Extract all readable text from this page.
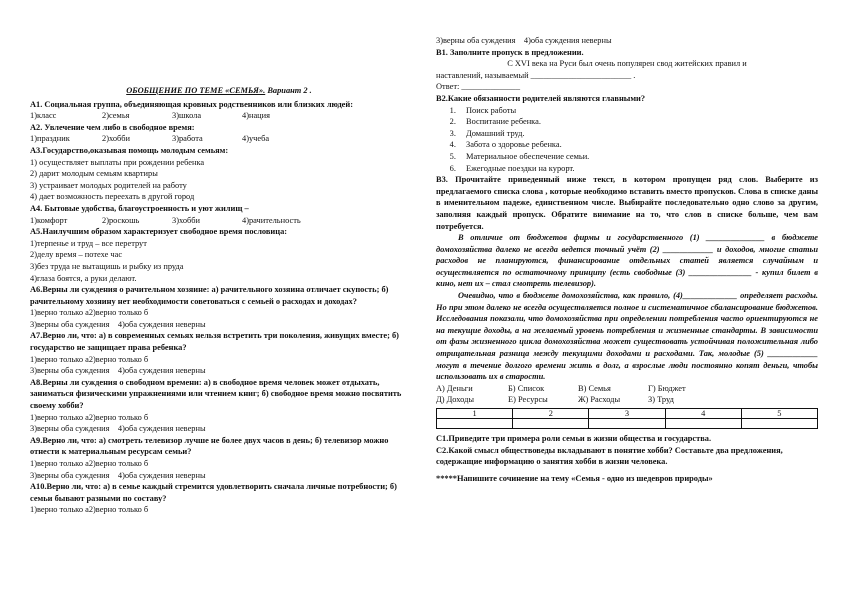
ОБОБЩЕНИЕ ПО ТЕМЕ «СЕМЬЯ». Вариант 2 .
А1. Социальная группа, объединяющая кровных родственников или близких людей:
1)класс	2)семья	3)школа	4)нация
А2. Увлечение чем либо в свободное время:
1)праздник	2)хобби	3)работа	4)учеба
А3.Государство,оказывая помощь молодым семьям:
1) осуществляет выплаты при рождении ребенка
2) дарит молодым семьям квартиры
3) устраивает молодых родителей на работу
4) дает возможность переехать в другой город
А4. Бытовые удобства, благоустроенность и уют жилищ –
1)комфорт	2)роскошь	3)хобби	4)рачительность
А5.Наилучшим образом характеризует свободное время пословица:
1)терпенье и труд – все перетрут
2)делу время – потехе час
3)без труда не вытащишь и рыбку из пруда
4)глаза боятся, а руки делают.
А6.Верны ли суждения о рачительном хозяине: а) рачительного хозяина отличает скупость; б) рачительному хозяину нет необходимости советоваться с семьей о расходах и доходах?
1)верно только а2)верно только б
3)верны оба суждения 4)оба суждения неверны
А7.Верно ли, что: а) в современных семьях нельзя встретить три поколения, живущих вместе; б) государство не защищает права ребенка?
1)верно только а2)верно только б
3)верны оба суждения 4)оба суждения неверны
А8.Верны ли суждения о свободном времени: а) в свободное время человек может отдыхать, заниматься физическими упражнениями или чтением книг; б) свободное время можно посвятить своему хобби?
1)верно только а2)верно только б
3)верны оба суждения 4)оба суждения неверны
А9.Верно ли, что: а) смотреть телевизор лучше не более двух часов в день; б) телевизор можно отнести к материальным ресурсам семьи?
1)верно только а2)верно только б
3)верны оба суждения 4)оба суждения неверны
А10.Верно ли, что: а) в семье каждый стремится удовлетворить сначала личные потребности; б) семьи бывают разными по составу?
1)верно только а2)верно только б
3)верны оба суждения 4)оба суждения неверны
В1. Заполните пропуск в предложении.
С XVI века на Руси был очень популярен свод житейских правил и
наставлений, называемый ________________________ .
Ответ: ______________
В2.Какие обязанности родителей являются главными?
1. Поиск работы
2. Воспитание ребенка.
3. Домашний труд.
4. Забота о здоровье ребенка.
5. Материальное обеспечение семьи.
6. Ежегодные поездки на курорт.
В3. Прочитайте приведенный ниже текст, в котором пропущен ряд слов. Выберите из предлагаемого списка слова , которые необходимо вставить вместо пропусков. Слова в списке даны в именительном падеже, единственном числе. Выбирайте последовательно одно слово за другим, заполняя каждый пропуск. Обратите внимание на то, что слов в списке больше, чем вам потребуется.
В отличие от бюджетов фирмы и государственного (1) ______________ в бюджете домохозяйства далеко не всегда ведется точный учёт (2) ____________ и доходов, многие статьи расходов не планируются, финансирование отдельных статей является случайным и осуществляется по остаточному принципу (есть свободные (3) _______________ - купил билет в кино, нет их – стал смотреть телевизор).
Очевидно, что в бюджете домохозяйства, как правило, (4)_____________ определяет расходы. Но при этом далеко не всегда осуществляется полное и систематичное сбалансирование бюджетов. Исследования показали, что домохозяйства при определении потребления часто ориентируются не на текущие доходы, а на желаемый уровень потребления и жизненные стандарты. В зависимости от фазы жизненного цикла домохозяйства может существовать устойчивая положительная либо отрицательная разница между текущими доходами и расходами. Так, молодые (5) ____________ могут в течение долгого времени жить в долг, а взрослые люди постоянно копят деньги, чтобы использовать их в старости.
А) Деньги	Б) Список	В) Семья	Г) Бюджет
Д) Доходы	Е) Ресурсы	Ж) Расходы	З) Труд
1	2	3	4	5

С1.Приведите три примера роли семьи в жизни общества и государства.
С2.Какой смысл обществоведы вкладывают в понятие хобби? Составьте два предложения, содержащие информацию о занятия хобби в жизни человека.
*****Напишите сочинение на тему «Семья - одно из шедевров природы»
